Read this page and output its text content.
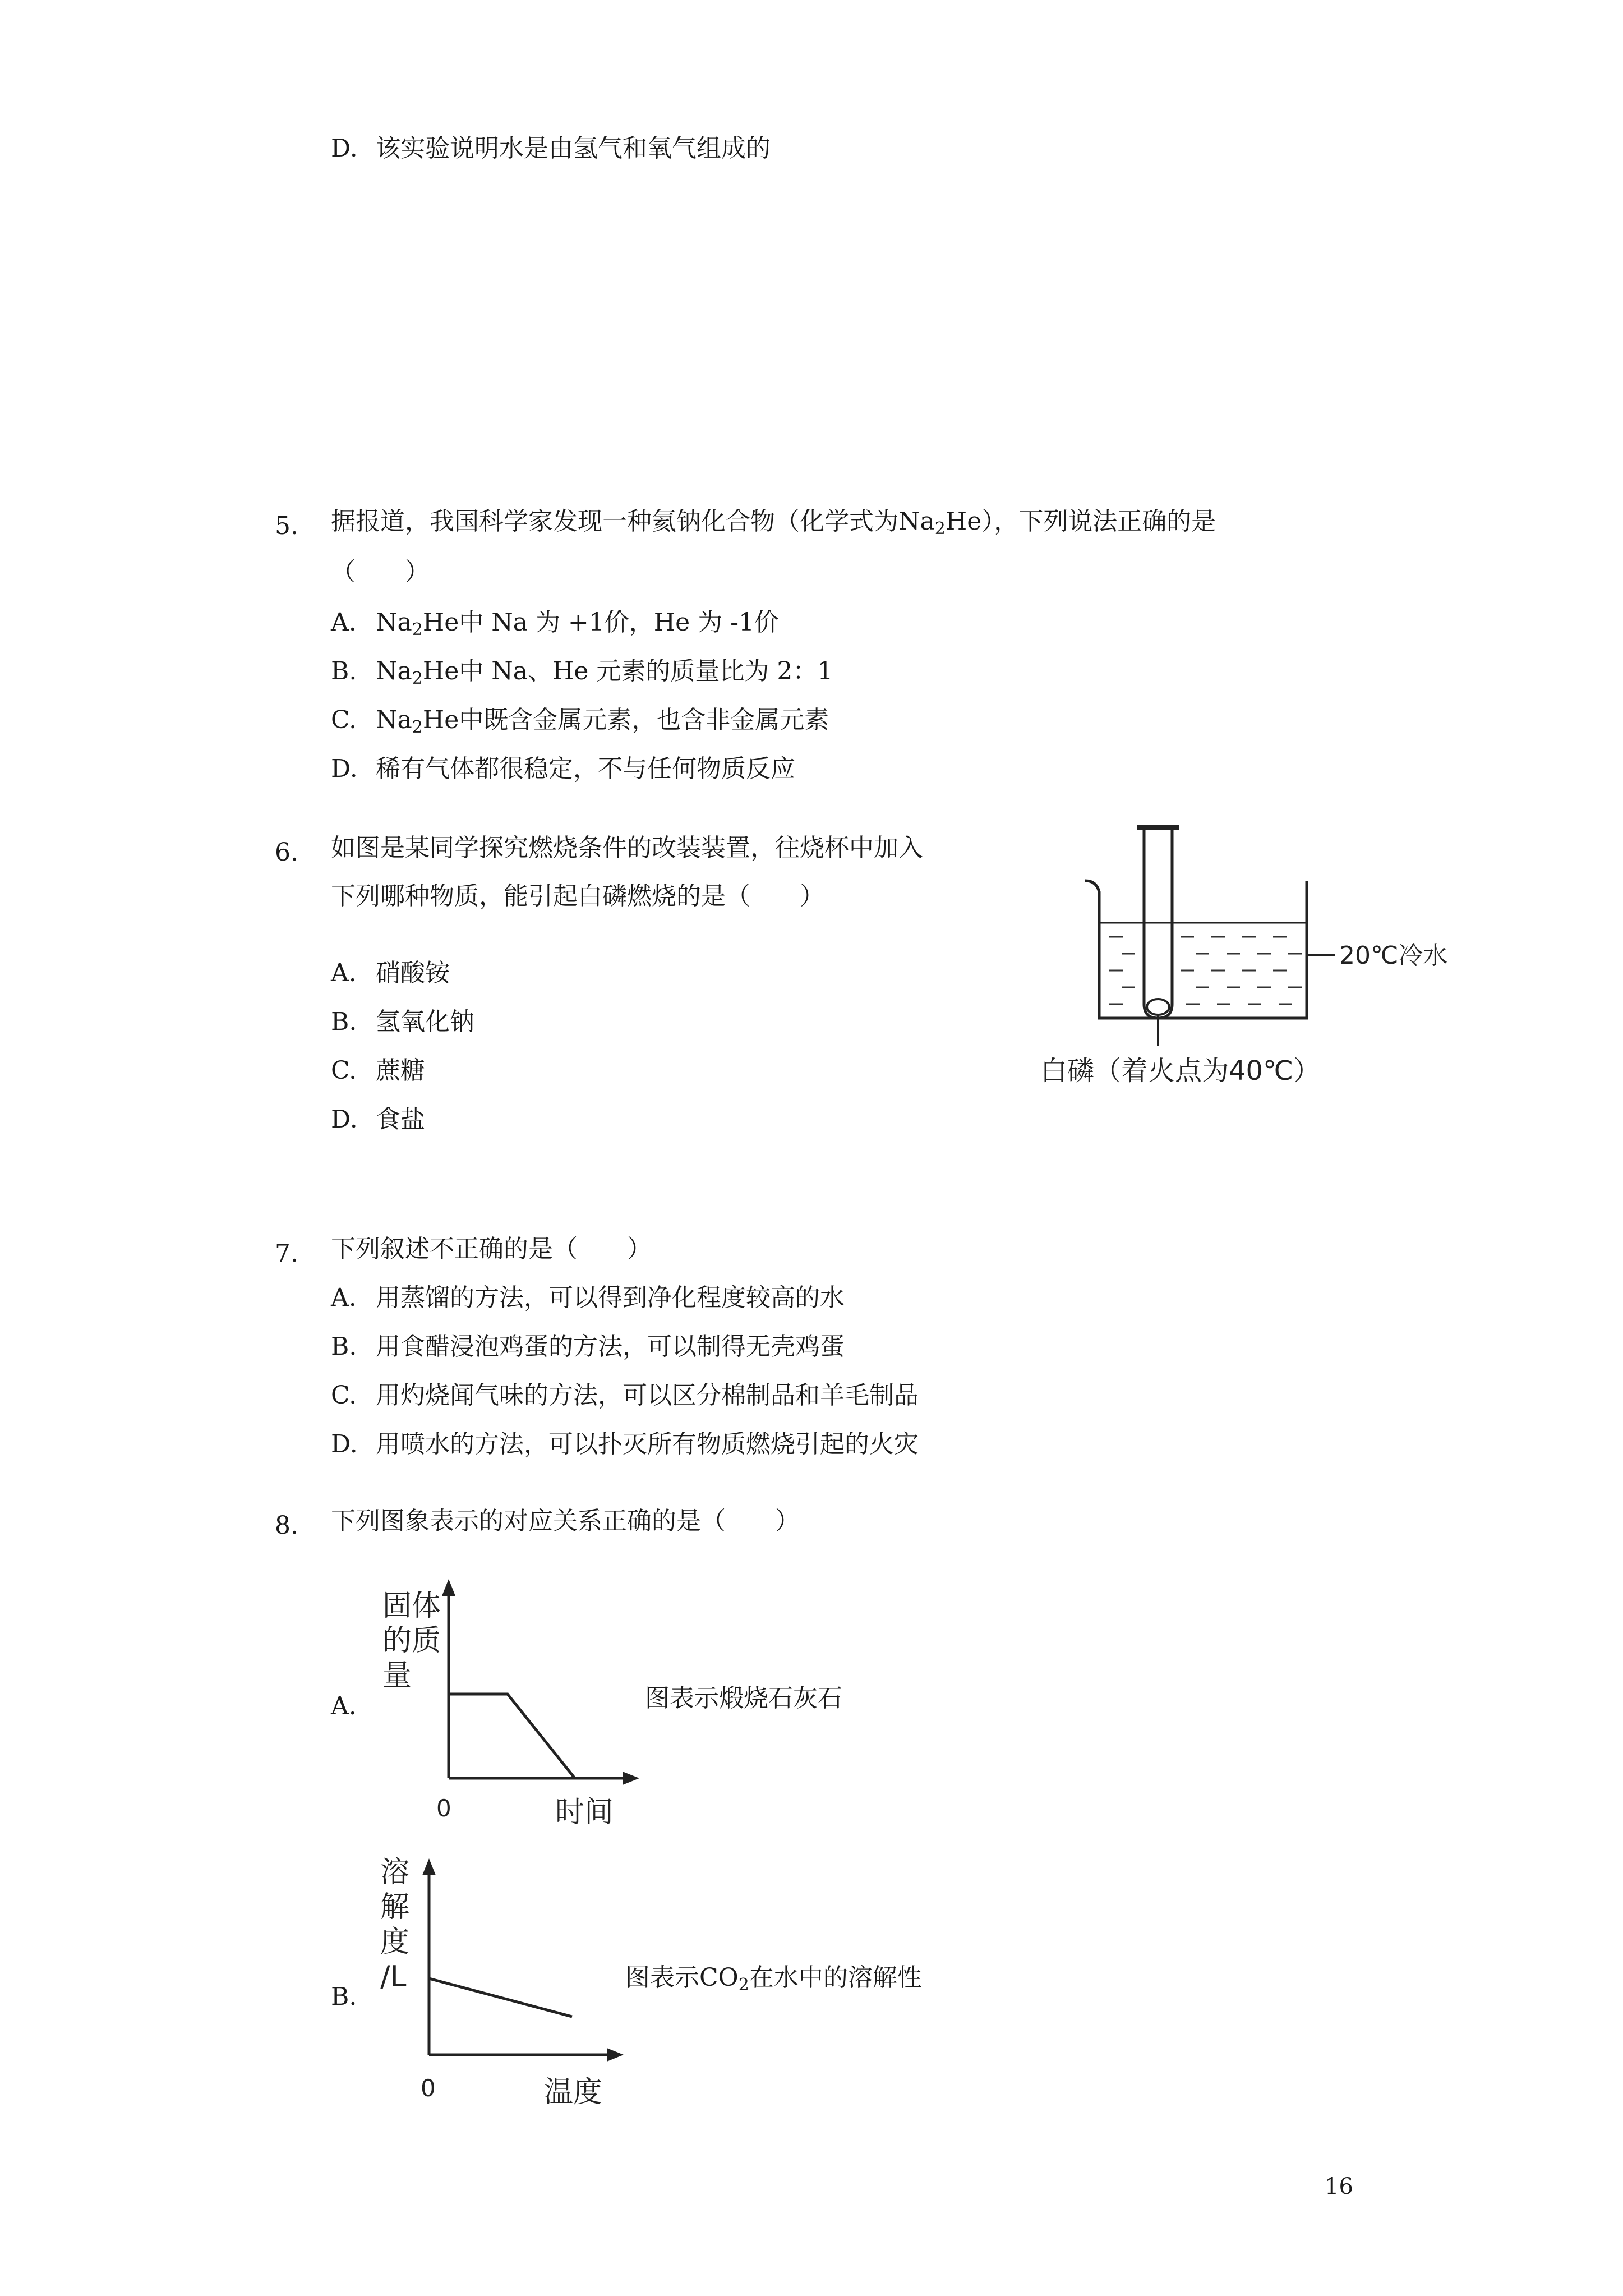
D. 该实验说明水是由氢气和氧气组成的
5. 据报道，我国科学家发现一种氦钠化合物（化学式为$Na_2He$），下列说法正确的是
（　　）
A. $Na_2He$中 Na 为 +1价，He 为 -1价
B. $Na_2He$中 Na、He 元素的质量比为 2：1
C. $Na_2He$中既含金属元素，也含非金属元素
D. 稀有气体都很稳定，不与任何物质反应
6. 如图是某同学探究燃烧条件的改装装置，往烧杯中加入
下列哪种物质，能引起白磷燃烧的是（　　）
A. 硝酸铵
B. 氢氧化钠
C. 蔗糖
D. 食盐
20℃冷水
白磷（着火点为40℃）
7. 下列叙述不正确的是（　　）
A. 用蒸馏的方法，可以得到净化程度较高的水
B. 用食醋浸泡鸡蛋的方法，可以制得无壳鸡蛋
C. 用灼烧闻气味的方法，可以区分棉制品和羊毛制品
D. 用喷水的方法，可以扑灭所有物质燃烧引起的火灾
8. 下列图象表示的对应关系正确的是（　　）
A.
固体
的质
量
0	时间
图表示煅烧石灰石
B.
溶
解
度
/L
0	温度
图表示$CO_2$在水中的溶解性
16
